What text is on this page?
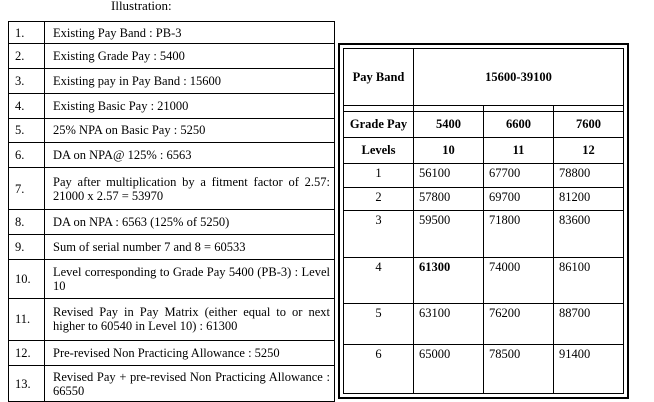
Illustration:
1.	Existing Pay Band : PB-3
2.	Existing Grade Pay : 5400
3.	Existing pay in Pay Band : 15600
4.	Existing Basic Pay : 21000
5.	25% NPA on Basic Pay : 5250
6.	DA on NPA@ 125% : 6563
7.	Pay after multiplication by a fitment factor of 2.57: 21000 x 2.57 = 53970
8.	DA on NPA : 6563 (125% of 5250)
9.	Sum of serial number 7 and 8 = 60533
10.	Level corresponding to Grade Pay 5400 (PB-3) : Level 10
11.	Revised Pay in Pay Matrix (either equal to or next higher to 60540 in Level 10) : 61300
12.	Pre-revised Non Practicing Allowance : 5250
13.	Revised Pay + pre-revised Non Practicing Allowance : 66550
Pay Band	15600-39100		

Grade Pay	5400	6600	7600
Levels	10	11	12
1	56100	67700	78800
2	57800	69700	81200
3	59500	71800	83600
4	61300	74000	86100
5	63100	76200	88700
6	65000	78500	91400
